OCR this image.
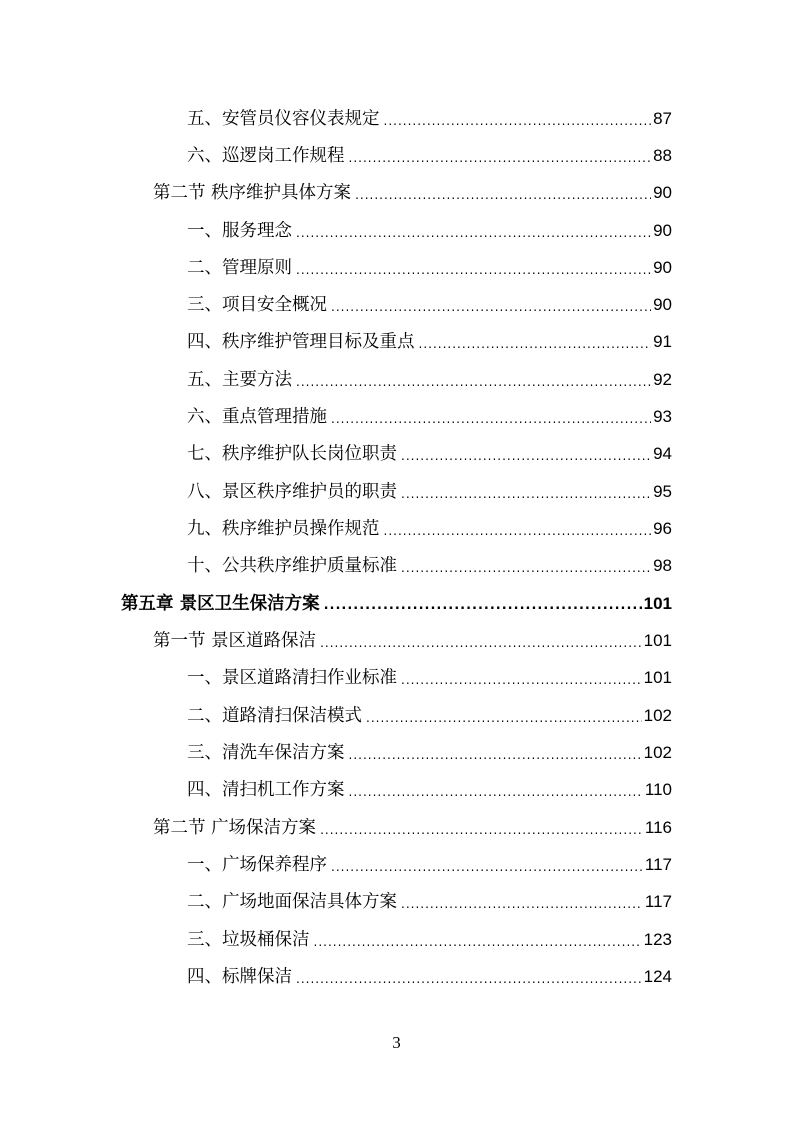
五、安管员仪容仪表规定 .....	87
六、巡逻岗工作规程 .....	88
第二节 秩序维护具体方案 .....	90
一、服务理念 .....	90
二、管理原则 .....	90
三、项目安全概况 .....	90
四、秩序维护管理目标及重点 .....	91
五、主要方法 .....	92
六、重点管理措施 .....	93
七、秩序维护队长岗位职责 .....	94
八、景区秩序维护员的职责 .....	95
九、秩序维护员操作规范 .....	96
十、公共秩序维护质量标准 .....	98
第五章 景区卫生保洁方案 .....	101
第一节 景区道路保洁 .....	101
一、景区道路清扫作业标准 .....	101
二、道路清扫保洁模式 .....	102
三、清洗车保洁方案 .....	102
四、清扫机工作方案 .....	110
第二节 广场保洁方案 .....	116
一、广场保养程序 .....	117
二、广场地面保洁具体方案 .....	117
三、垃圾桶保洁 .....	123
四、标牌保洁 .....	124
3
